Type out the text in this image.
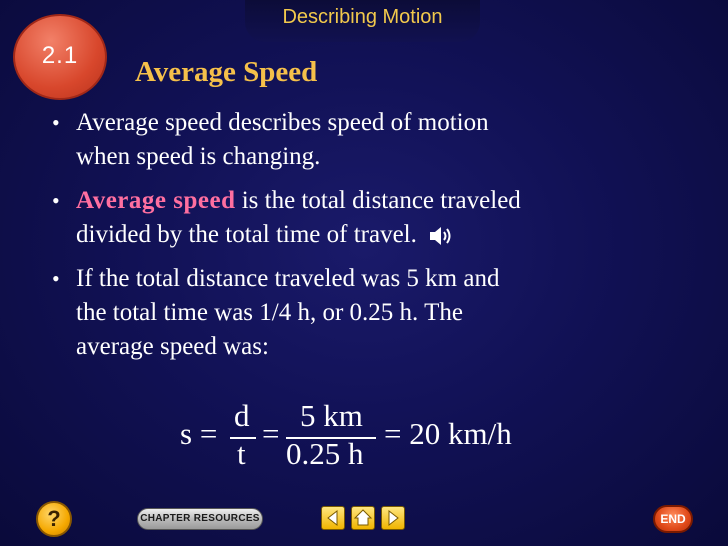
Describing Motion
2.1
Average Speed
• Average speed describes speed of motion
when speed is changing.
• Average speed is the total distance traveled
divided by the total time of travel.
• If the total distance traveled was 5 km and
the total time was 1/4 h, or 0.25 h. The
average speed was:
s =
d
t
=
5 km
0.25 h
= 20 km/h
?	CHAPTER RESOURCES	END
